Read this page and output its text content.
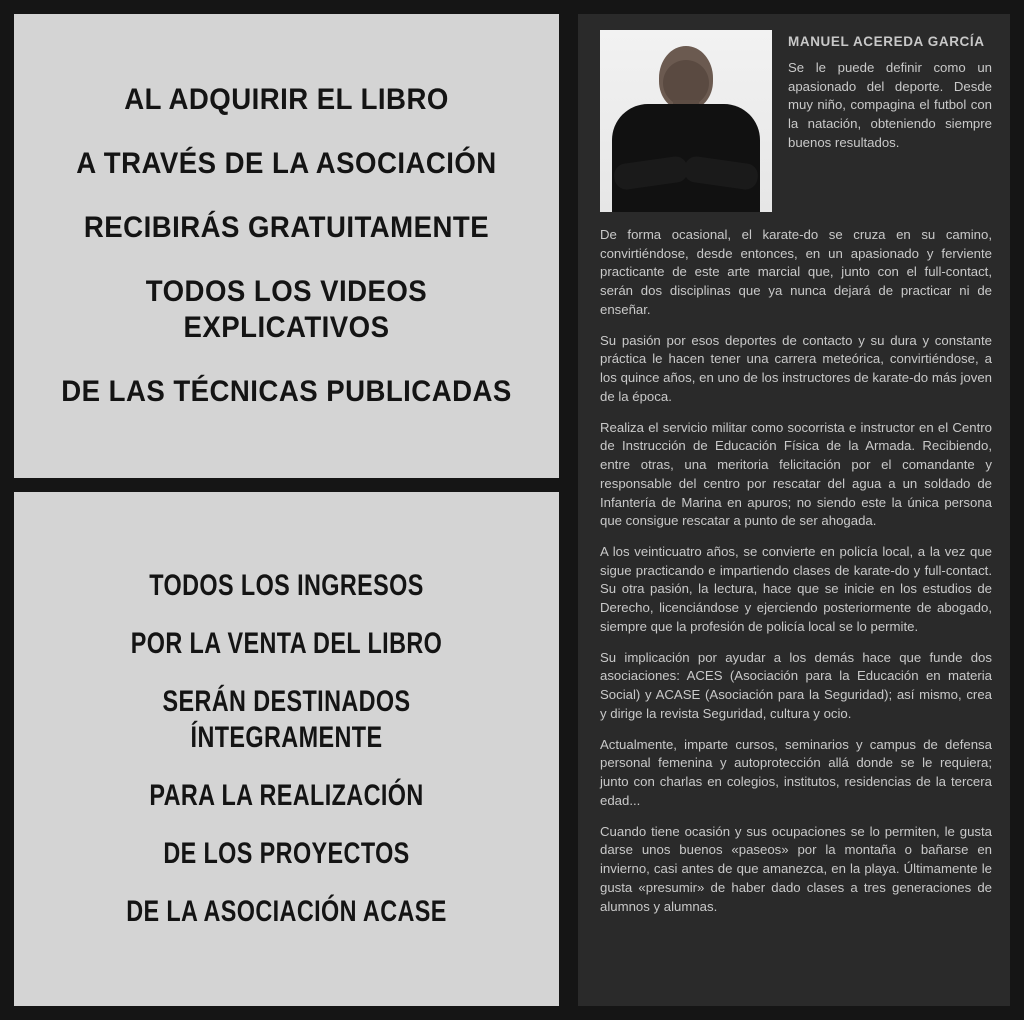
AL ADQUIRIR EL LIBRO
A TRAVÉS DE LA ASOCIACIÓN
RECIBIRÁS GRATUITAMENTE
TODOS LOS VIDEOS EXPLICATIVOS
DE LAS TÉCNICAS PUBLICADAS
TODOS LOS INGRESOS
POR LA VENTA DEL LIBRO
SERÁN DESTINADOS ÍNTEGRAMENTE
PARA LA REALIZACIÓN
DE LOS PROYECTOS
DE LA ASOCIACIÓN ACASE
MANUEL ACEREDA GARCÍA

Se le puede definir como un apasionado del deporte. Desde muy niño, compagina el futbol con la natación, obteniendo siempre buenos resultados.

De forma ocasional, el karate-do se cruza en su camino, convirtiéndose, desde entonces, en un apasionado y ferviente practicante de este arte marcial que, junto con el full-contact, serán dos disciplinas que ya nunca dejará de practicar ni de enseñar.

Su pasión por esos deportes de contacto y su dura y constante práctica le hacen tener una carrera meteórica, convirtiéndose, a los quince años, en uno de los instructores de karate-do más joven de la época.

Realiza el servicio militar como socorrista e instructor en el Centro de Instrucción de Educación Física de la Armada. Recibiendo, entre otras, una meritoria felicitación por el comandante y responsable del centro por rescatar del agua a un soldado de Infantería de Marina en apuros; no siendo este la única persona que consigue rescatar a punto de ser ahogada.

A los veinticuatro años, se convierte en policía local, a la vez que sigue practicando e impartiendo clases de karate-do y full-contact. Su otra pasión, la lectura, hace que se inicie en los estudios de Derecho, licenciándose y ejerciendo posteriormente de abogado, siempre que la profesión de policía local se lo permite.

Su implicación por ayudar a los demás hace que funde dos asociaciones: ACES (Asociación para la Educación en materia Social) y ACASE (Asociación para la Seguridad); así mismo, crea y dirige la revista Seguridad, cultura y ocio.

Actualmente, imparte cursos, seminarios y campus de defensa personal femenina y autoprotección allá donde se le requiera; junto con charlas en colegios, institutos, residencias de la tercera edad...

Cuando tiene ocasión y sus ocupaciones se lo permiten, le gusta darse unos buenos «paseos» por la montaña o bañarse en invierno, casi antes de que amanezca, en la playa. Últimamente le gusta «presumir» de haber dado clases a tres generaciones de alumnos y alumnas.
